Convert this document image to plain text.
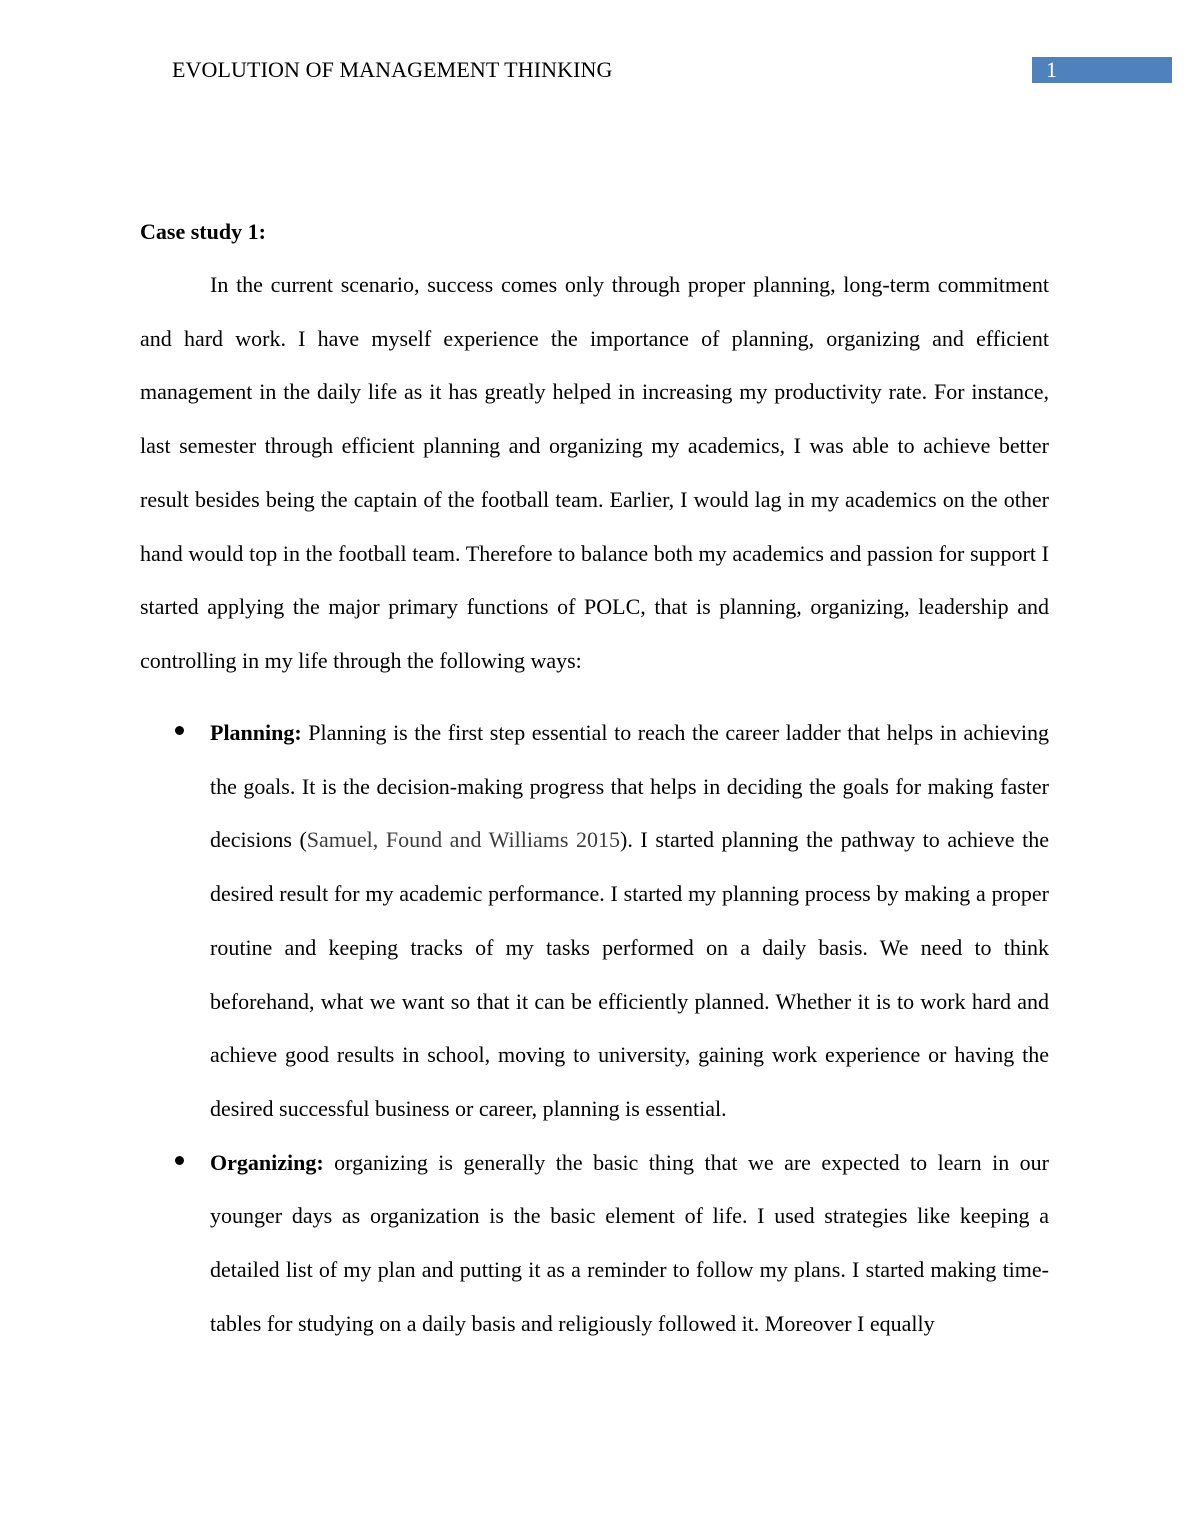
EVOLUTION OF MANAGEMENT THINKING	1
Case study 1:

In the current scenario, success comes only through proper planning, long-term commitment and hard work. I have myself experience the importance of planning, organizing and efficient management in the daily life as it has greatly helped in increasing my productivity rate. For instance, last semester through efficient planning and organizing my academics, I was able to achieve better result besides being the captain of the football team. Earlier, I would lag in my academics on the other hand would top in the football team. Therefore to balance both my academics and passion for support I started applying the major primary functions of POLC, that is planning, organizing, leadership and controlling in my life through the following ways:

Planning: Planning is the first step essential to reach the career ladder that helps in achieving the goals. It is the decision-making progress that helps in deciding the goals for making faster decisions (Samuel, Found and Williams 2015). I started planning the pathway to achieve the desired result for my academic performance. I started my planning process by making a proper routine and keeping tracks of my tasks performed on a daily basis. We need to think beforehand, what we want so that it can be efficiently planned. Whether it is to work hard and achieve good results in school, moving to university, gaining work experience or having the desired successful business or career, planning is essential.
Organizing: organizing is generally the basic thing that we are expected to learn in our younger days as organization is the basic element of life. I used strategies like keeping a detailed list of my plan and putting it as a reminder to follow my plans. I started making time-tables for studying on a daily basis and religiously followed it. Moreover I equally
